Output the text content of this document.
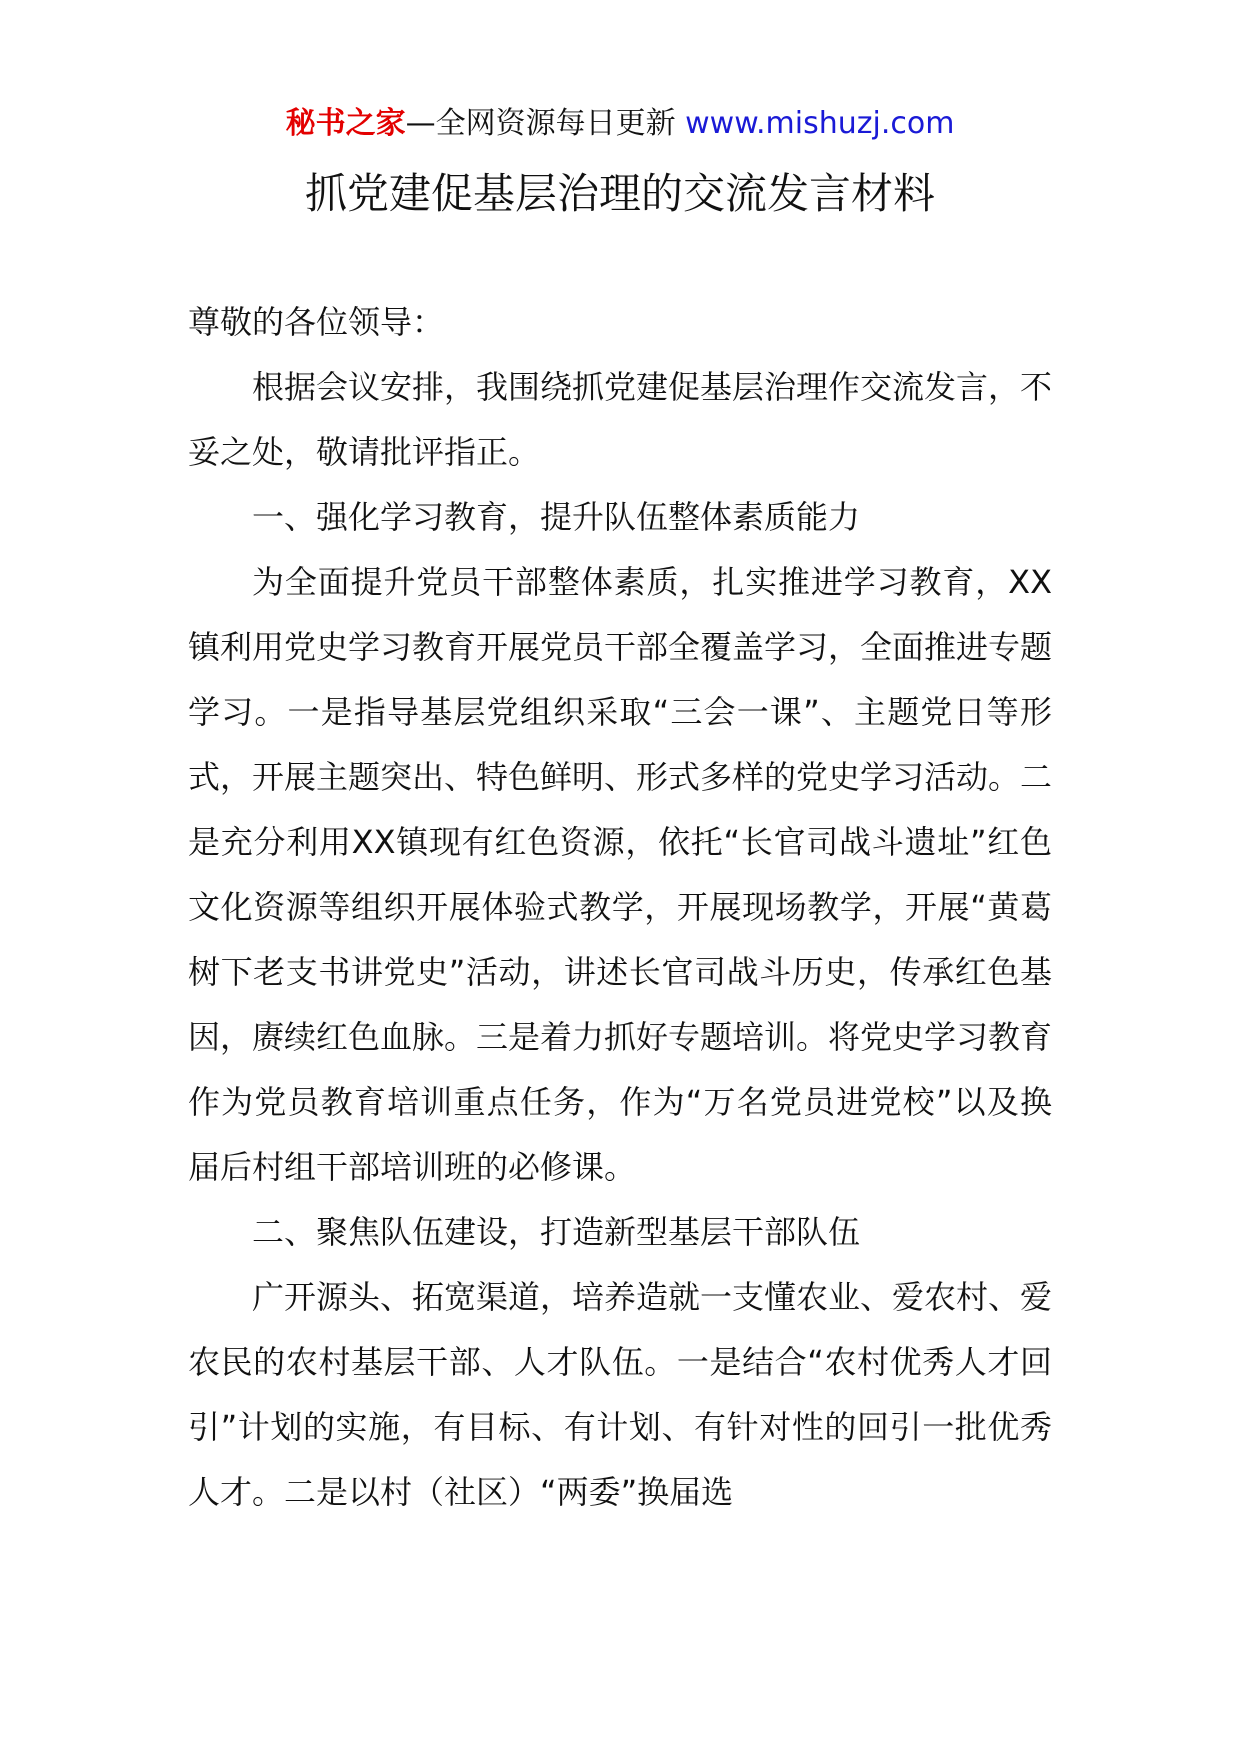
秘书之家—全网资源每日更新 www.mishuzj.com
抓党建促基层治理的交流发言材料

尊敬的各位领导：

根据会议安排，我围绕抓党建促基层治理作交流发言，不妥之处，敬请批评指正。

一、强化学习教育，提升队伍整体素质能力

为全面提升党员干部整体素质，扎实推进学习教育，XX镇利用党史学习教育开展党员干部全覆盖学习，全面推进专题学习。一是指导基层党组织采取“三会一课”、主题党日等形式，开展主题突出、特色鲜明、形式多样的党史学习活动。二是充分利用XX镇现有红色资源，依托“长官司战斗遗址”红色文化资源等组织开展体验式教学，开展现场教学，开展“黄葛树下老支书讲党史”活动，讲述长官司战斗历史，传承红色基因，赓续红色血脉。三是着力抓好专题培训。将党史学习教育作为党员教育培训重点任务，作为“万名党员进党校”以及换届后村组干部培训班的必修课。

二、聚焦队伍建设，打造新型基层干部队伍

广开源头、拓宽渠道，培养造就一支懂农业、爱农村、爱农民的农村基层干部、人才队伍。一是结合“农村优秀人才回引”计划的实施，有目标、有计划、有针对性的回引一批优秀人才。二是以村（社区）“两委”换届选
